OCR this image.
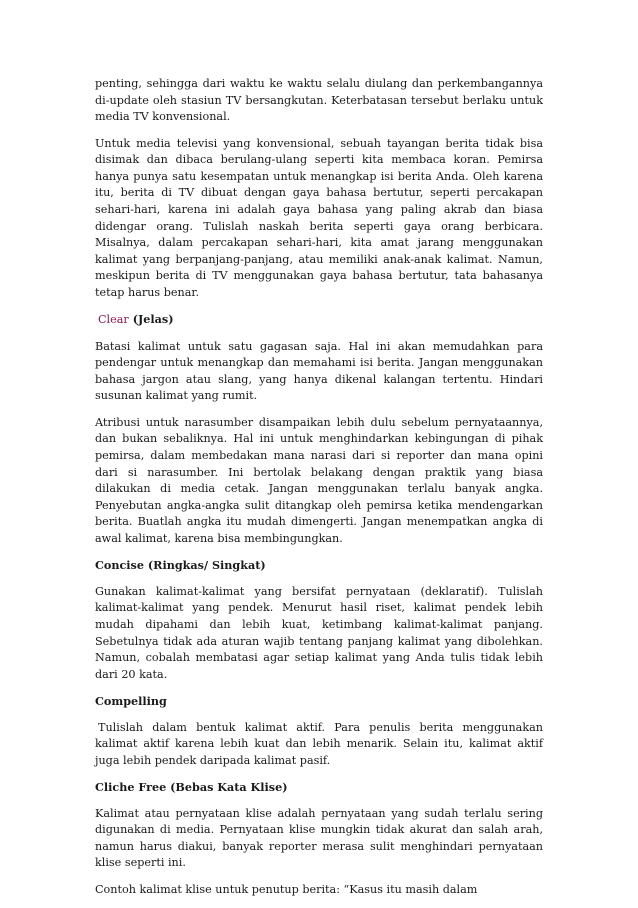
penting, sehingga dari waktu ke waktu selalu diulang dan perkembangannya di-update oleh stasiun TV bersangkutan. Keterbatasan tersebut berlaku untuk media TV konvensional.

Untuk media televisi yang konvensional, sebuah tayangan berita tidak bisa disimak dan dibaca berulang-ulang seperti kita membaca koran. Pemirsa hanya punya satu kesempatan untuk menangkap isi berita Anda. Oleh karena itu, berita di TV dibuat dengan gaya bahasa bertutur, seperti percakapan sehari-hari, karena ini adalah gaya bahasa yang paling akrab dan biasa didengar orang. Tulislah naskah berita seperti gaya orang berbicara. Misalnya, dalam percakapan sehari-hari, kita amat jarang menggunakan kalimat yang berpanjang-panjang, atau memiliki anak-anak kalimat. Namun, meskipun berita di TV menggunakan gaya bahasa bertutur, tata bahasanya tetap harus benar.

Clear (Jelas)

Batasi kalimat untuk satu gagasan saja. Hal ini akan memudahkan para pendengar untuk menangkap dan memahami isi berita. Jangan menggunakan bahasa jargon atau slang, yang hanya dikenal kalangan tertentu. Hindari susunan kalimat yang rumit.

Atribusi untuk narasumber disampaikan lebih dulu sebelum pernyataannya, dan bukan sebaliknya. Hal ini untuk menghindarkan kebingungan di pihak pemirsa, dalam membedakan mana narasi dari si reporter dan mana opini dari si narasumber. Ini bertolak belakang dengan praktik yang biasa dilakukan di media cetak. Jangan menggunakan terlalu banyak angka. Penyebutan angka-angka sulit ditangkap oleh pemirsa ketika mendengarkan berita. Buatlah angka itu mudah dimengerti. Jangan menempatkan angka di awal kalimat, karena bisa membingungkan.

Concise (Ringkas/ Singkat)

Gunakan kalimat-kalimat yang bersifat pernyataan (deklaratif). Tulislah kalimat-kalimat yang pendek. Menurut hasil riset, kalimat pendek lebih mudah dipahami dan lebih kuat, ketimbang kalimat-kalimat panjang. Sebetulnya tidak ada aturan wajib tentang panjang kalimat yang dibolehkan. Namun, cobalah membatasi agar setiap kalimat yang Anda tulis tidak lebih dari 20 kata.

Compelling

Tulislah dalam bentuk kalimat aktif. Para penulis berita menggunakan kalimat aktif karena lebih kuat dan lebih menarik. Selain itu, kalimat aktif juga lebih pendek daripada kalimat pasif.

Cliche Free (Bebas Kata Klise)

Kalimat atau pernyataan klise adalah pernyataan yang sudah terlalu sering digunakan di media. Pernyataan klise mungkin tidak akurat dan salah arah, namun harus diakui, banyak reporter merasa sulit menghindari pernyataan klise seperti ini.

Contoh kalimat klise untuk penutup berita: “Kasus itu masih dalam
